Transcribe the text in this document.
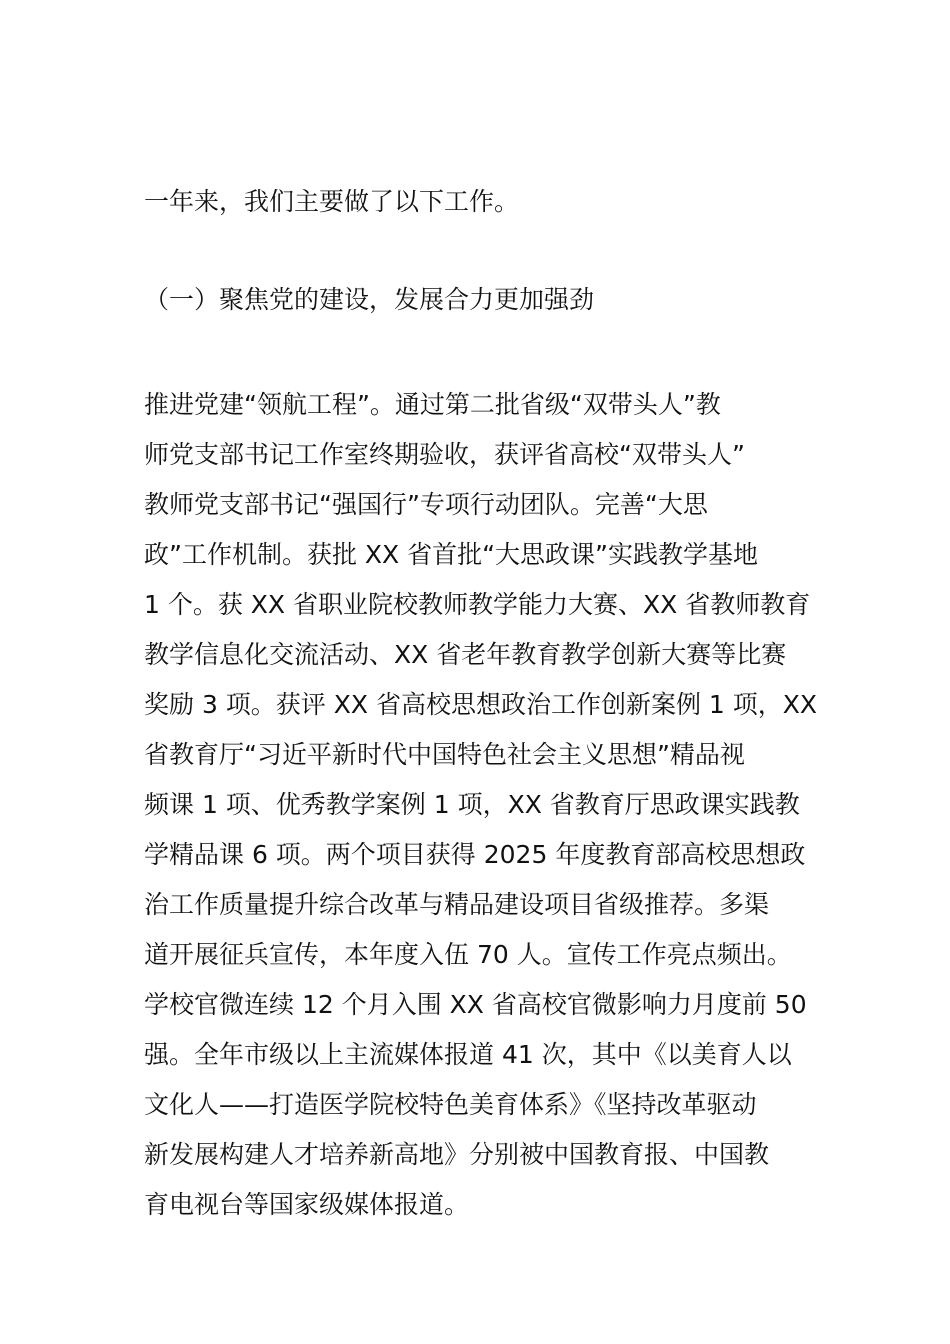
一年来，我们主要做了以下工作。
（一）聚焦党的建设，发展合力更加强劲
推进党建“领航工程”。通过第二批省级“双带头人”教
师党支部书记工作室终期验收，获评省高校“双带头人”
教师党支部书记“强国行”专项行动团队。完善“大思
政”工作机制。获批 XX 省首批“大思政课”实践教学基地
1 个。获 XX 省职业院校教师教学能力大赛、XX 省教师教育
教学信息化交流活动、XX 省老年教育教学创新大赛等比赛
奖励 3 项。获评 XX 省高校思想政治工作创新案例 1 项，XX
省教育厅“习近平新时代中国特色社会主义思想”精品视
频课 1 项、优秀教学案例 1 项，XX 省教育厅思政课实践教
学精品课 6 项。两个项目获得 2025 年度教育部高校思想政
治工作质量提升综合改革与精品建设项目省级推荐。多渠
道开展征兵宣传，本年度入伍 70 人。宣传工作亮点频出。
学校官微连续 12 个月入围 XX 省高校官微影响力月度前 50
强。全年市级以上主流媒体报道 41 次，其中《以美育人以
文化人——打造医学院校特色美育体系》《坚持改革驱动
新发展构建人才培养新高地》分别被中国教育报、中国教
育电视台等国家级媒体报道。
